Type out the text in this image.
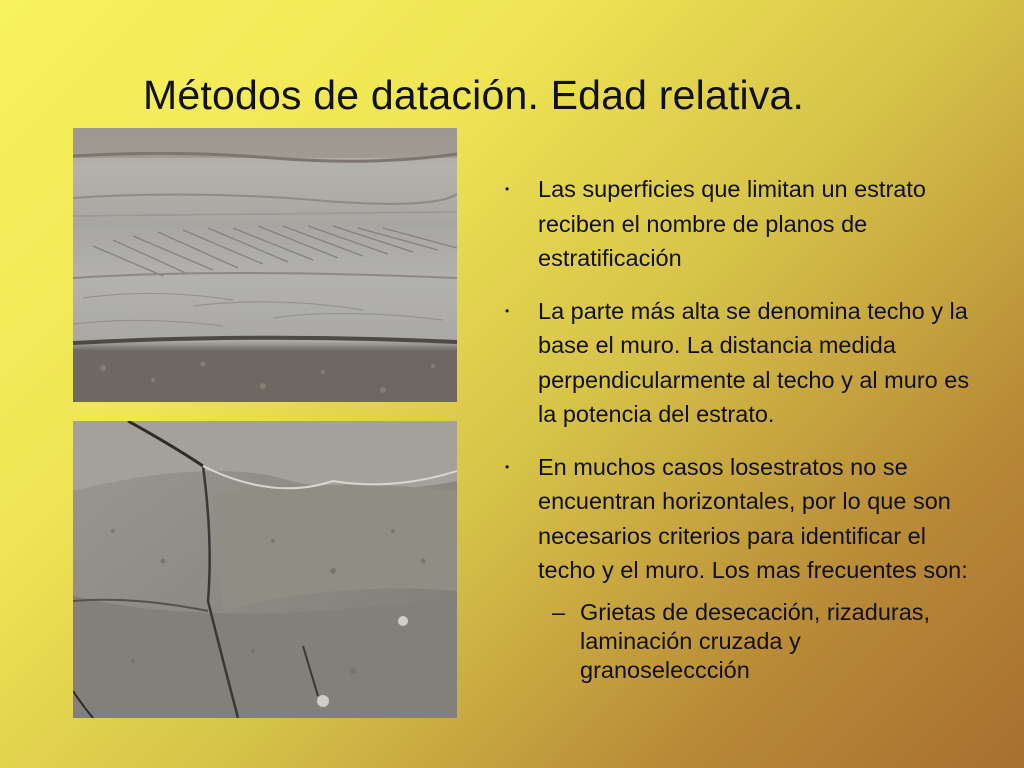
Métodos de datación. Edad relativa.
• Las superficies que limitan un estrato reciben el nombre de planos de estratificación
• La parte más alta se denomina techo y la base el muro. La distancia medida perpendicularmente al techo y al muro es la potencia del estrato.
• En muchos casos losestratos no se encuentran horizontales, por lo que son necesarios criterios para identificar el techo y el muro. Los mas frecuentes son:
– Grietas de desecación, rizaduras, laminación cruzada y granoseleccción
